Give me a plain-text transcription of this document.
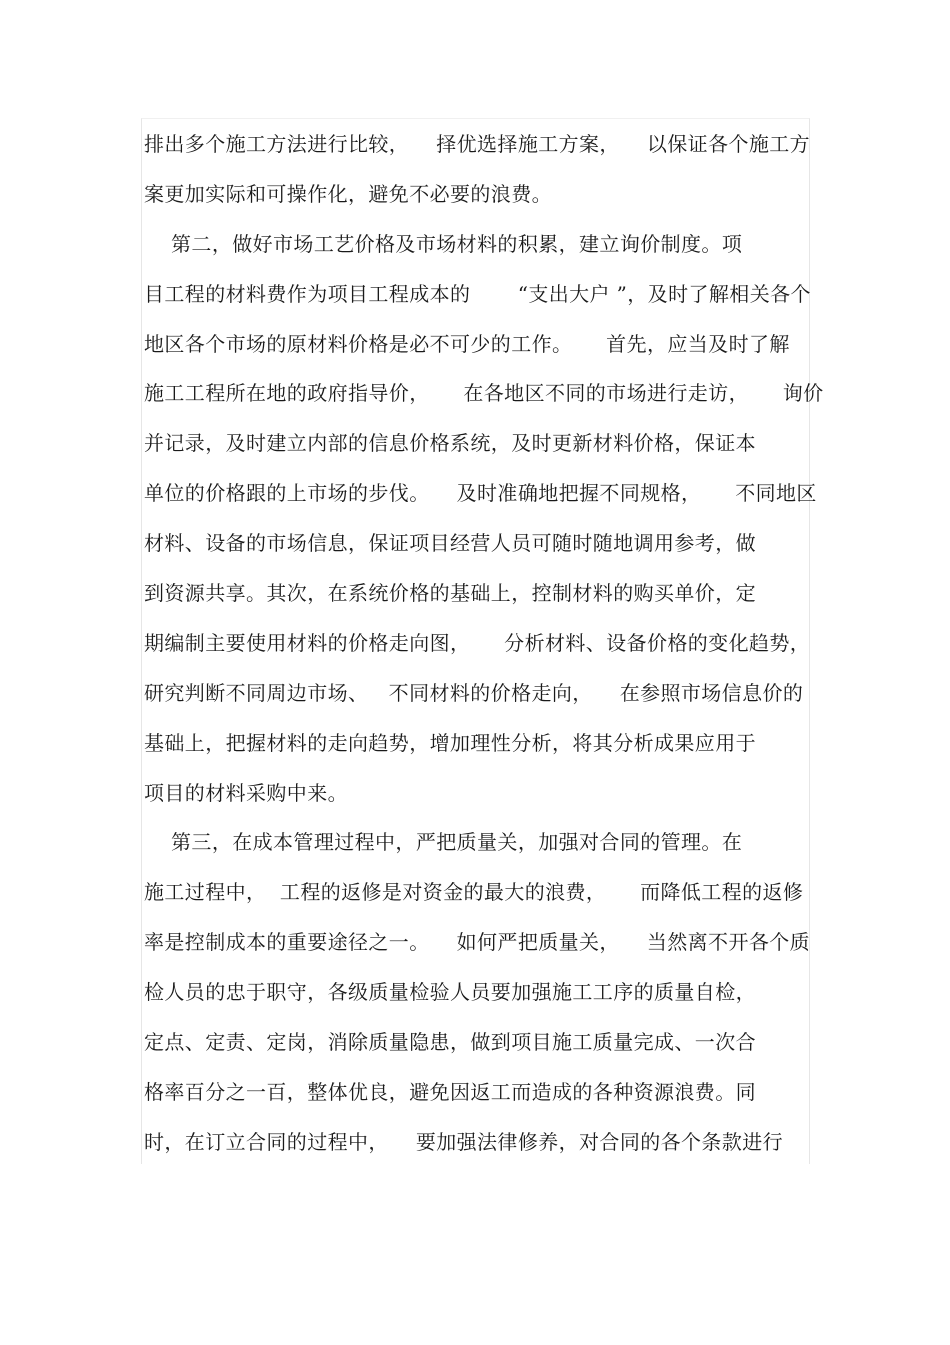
排出多个施工方法进行比较，    择优选择施工方案，    以保证各个施工方
案更加实际和可操作化，避免不必要的浪费。
第二，做好市场工艺价格及市场材料的积累，建立询价制度。项
目工程的材料费作为项目工程成本的       “支出大户 ”，及时了解相关各个
地区各个市场的原材料价格是必不可少的工作。     首先，应当及时了解
施工工程所在地的政府指导价，     在各地区不同的市场进行走访，     询价
并记录，及时建立内部的信息价格系统，及时更新材料价格，保证本
单位的价格跟的上市场的步伐。    及时准确地把握不同规格，     不同地区
材料、设备的市场信息，保证项目经营人员可随时随地调用参考，做
到资源共享。其次，在系统价格的基础上，控制材料的购买单价，定
期编制主要使用材料的价格走向图，     分析材料、设备价格的变化趋势，
研究判断不同周边市场、   不同材料的价格走向，    在参照市场信息价的
基础上，把握材料的走向趋势，增加理性分析，将其分析成果应用于
项目的材料采购中来。
第三，在成本管理过程中，严把质量关，加强对合同的管理。在
施工过程中，  工程的返修是对资金的最大的浪费，     而降低工程的返修
率是控制成本的重要途径之一。    如何严把质量关，    当然离不开各个质
检人员的忠于职守，各级质量检验人员要加强施工工序的质量自检，
定点、定责、定岗，消除质量隐患，做到项目施工质量完成、一次合
格率百分之一百，整体优良，避免因返工而造成的各种资源浪费。同
时，在订立合同的过程中，    要加强法律修养，对合同的各个条款进行
